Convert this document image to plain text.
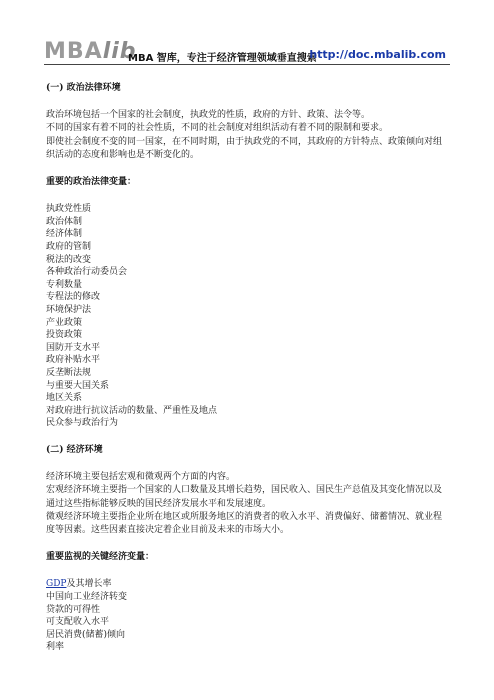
MBAlib
MBA 智库，专注于经济管理领域垂直搜索
http://doc.mbalib.com

(一) 政治法律环境

政治环境包括一个国家的社会制度，执政党的性质，政府的方针、政策、法令等。

不同的国家有着不同的社会性质，不同的社会制度对组织活动有着不同的限制和要求。

即使社会制度不变的同一国家，在不同时期，由于执政党的不同，其政府的方针特点、政策倾向对组织活动的态度和影响也是不断变化的。

重要的政治法律变量：

执政党性质

政治体制

经济体制

政府的管制

税法的改变

各种政治行动委员会

专利数量

专程法的修改

环境保护法

产业政策

投资政策

国防开支水平

政府补贴水平

反垄断法规

与重要大国关系

地区关系

对政府进行抗议活动的数量、严重性及地点

民众参与政治行为

(二) 经济环境

经济环境主要包括宏观和微观两个方面的内容。

宏观经济环境主要指一个国家的人口数量及其增长趋势，国民收入、国民生产总值及其变化情况以及通过这些指标能够反映的国民经济发展水平和发展速度。

微观经济环境主要指企业所在地区或所服务地区的消费者的收入水平、消费偏好、储蓄情况、就业程度等因素。这些因素直接决定着企业目前及未来的市场大小。

重要监视的关键经济变量：

GDP及其增长率

中国向工业经济转变

贷款的可得性

可支配收入水平

居民消费(储蓄)倾向

利率
